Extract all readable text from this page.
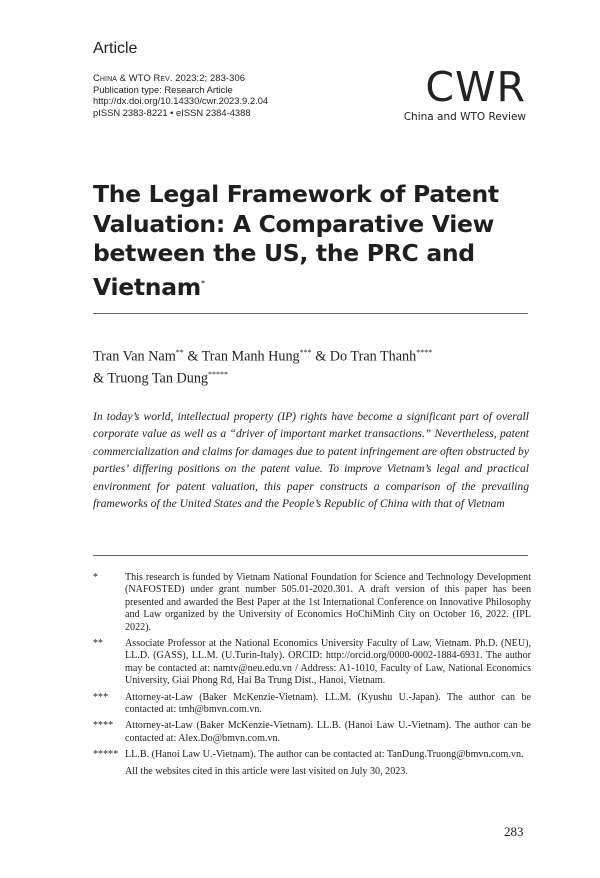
Article
China & WTO Rev. 2023:2; 283-306
Publication type: Research Article
http://dx.doi.org/10.14330/cwr.2023.9.2.04
pISSN 2383-8221 • eISSN 2384-4388
CWR
China and WTO Review
The Legal Framework of Patent Valuation: A Comparative View between the US, the PRC and Vietnam*
Tran Van Nam** & Tran Manh Hung*** & Do Tran Thanh****
& Truong Tan Dung*****
In today’s world, intellectual property (IP) rights have become a significant part of overall corporate value as well as a “driver of important market transactions.” Nevertheless, patent commercialization and claims for damages due to patent infringement are often obstructed by parties’ differing positions on the patent value. To improve Vietnam’s legal and practical environment for patent valuation, this paper constructs a comparison of the prevailing frameworks of the United States and the People’s Republic of China with that of Vietnam
*	This research is funded by Vietnam National Foundation for Science and Technology Development (NAFOSTED) under grant number 505.01-2020.301. A draft version of this paper has been presented and awarded the Best Paper at the 1st International Conference on Innovative Philosophy and Law organized by the University of Economics HoChiMinh City on October 16, 2022. (IPL 2022).
**	Associate Professor at the National Economics University Faculty of Law, Vietnam. Ph.D. (NEU), LL.D. (GASS), LL.M. (U.Turin-Italy). ORCID: http://orcid.org/0000-0002-1884-6931. The author may be contacted at: namtv@neu.edu.vn / Address: A1-1010, Faculty of Law, National Economics University, Giai Phong Rd, Hai Ba Trung Dist., Hanoi, Vietnam.
***	Attorney-at-Law (Baker McKenzie-Vietnam). LL.M. (Kyushu U.-Japan). The author can be contacted at: tmh@bmvn.com.vn.
****	Attorney-at-Law (Baker McKenzie-Vietnam). LL.B. (Hanoi Law U.-Vietnam). The author can be contacted at: Alex.Do@bmvn.com.vn.
***** LL.B. (Hanoi Law U.-Vietnam). The author can be contacted at: TanDung.Truong@bmvn.com.vn.
All the websites cited in this article were last visited on July 30, 2023.
283
